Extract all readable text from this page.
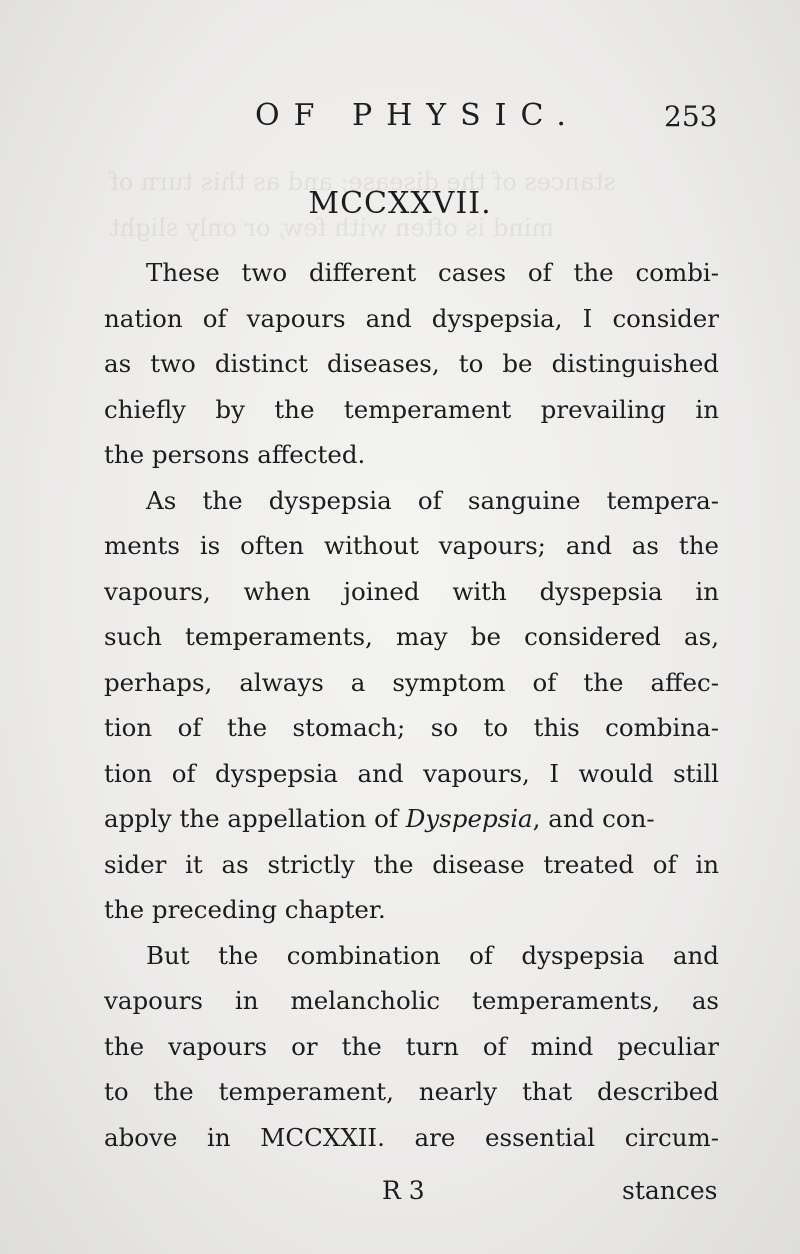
stances of the disease; and as this turn of
mind is often with few, or only slight
OF PHYSIC.	253
MCCXXVII.
These two different cases of the combi-
nation of vapours and dyspepsia, I consider
as two distinct diseases, to be distinguished
chiefly by the temperament prevailing in
the persons affected.
As the dyspepsia of sanguine tempera-
ments is often without vapours; and as the
vapours, when joined with dyspepsia in
such temperaments, may be considered as,
perhaps, always a symptom of the affec-
tion of the stomach; so to this combina-
tion of dyspepsia and vapours, I would still
apply the appellation of Dyspepsia, and con-
sider it as strictly the disease treated of in
the preceding chapter.
But the combination of dyspepsia and
vapours in melancholic temperaments, as
the vapours or the turn of mind peculiar
to the temperament, nearly that described
above in MCCXXII. are essential circum-
R 3	stances
